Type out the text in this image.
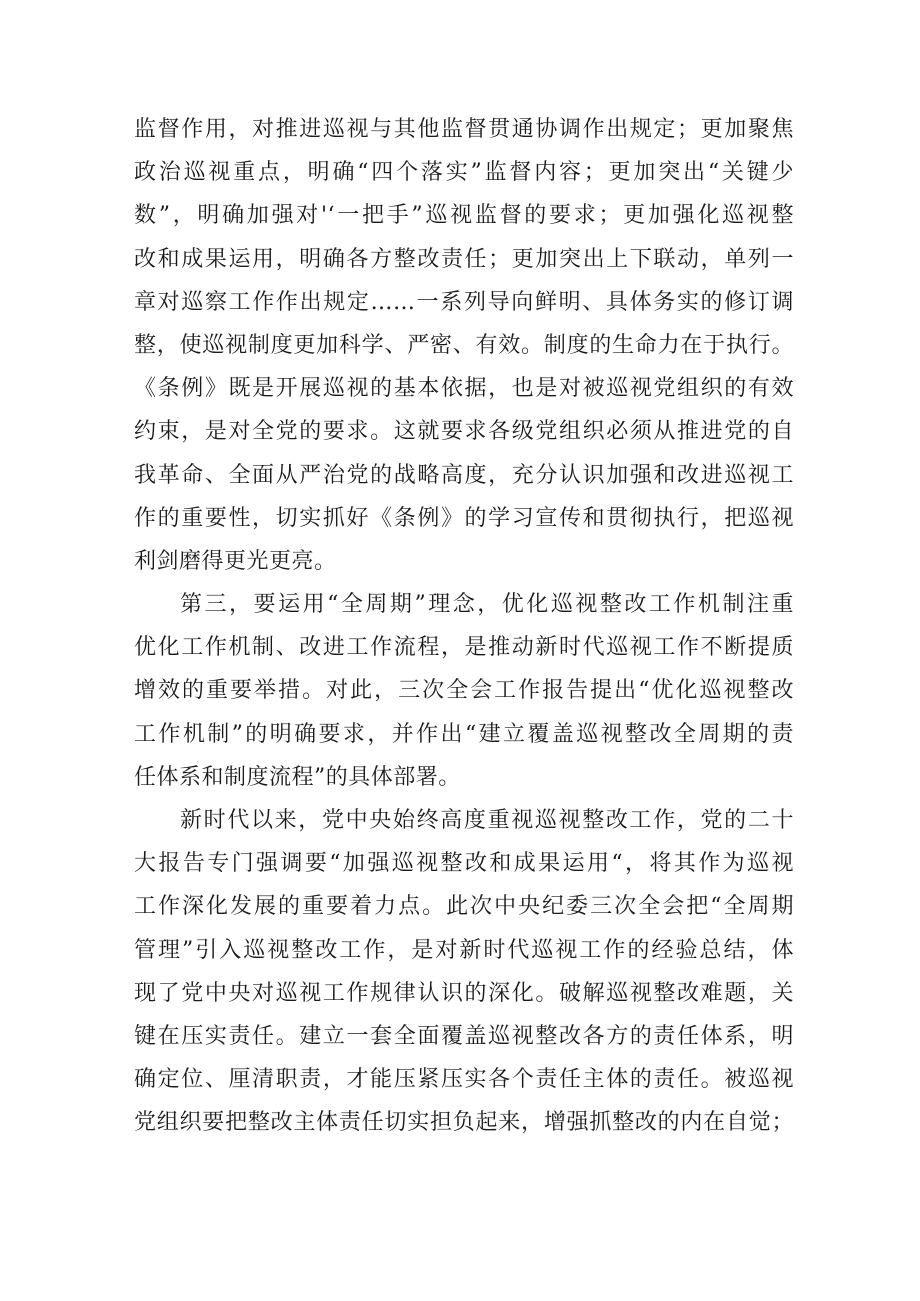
监督作用，对推进巡视与其他监督贯通协调作出规定；更加聚焦
政治巡视重点，明确“四个落实”监督内容；更加突出“关键少
数”，明确加强对'‘一把手”巡视监督的要求；更加强化巡视整
改和成果运用，明确各方整改责任；更加突出上下联动，单列一
章对巡察工作作出规定……一系列导向鲜明、具体务实的修订调
整，使巡视制度更加科学、严密、有效。制度的生命力在于执行。
《条例》既是开展巡视的基本依据，也是对被巡视党组织的有效
约束，是对全党的要求。这就要求各级党组织必须从推进党的自
我革命、全面从严治党的战略高度，充分认识加强和改进巡视工
作的重要性，切实抓好《条例》的学习宣传和贯彻执行，把巡视
利剑磨得更光更亮。
第三，要运用“全周期”理念，优化巡视整改工作机制注重
优化工作机制、改进工作流程，是推动新时代巡视工作不断提质
增效的重要举措。对此，三次全会工作报告提出“优化巡视整改
工作机制”的明确要求，并作出“建立覆盖巡视整改全周期的责
任体系和制度流程”的具体部署。
新时代以来，党中央始终高度重视巡视整改工作，党的二十
大报告专门强调要“加强巡视整改和成果运用“，将其作为巡视
工作深化发展的重要着力点。此次中央纪委三次全会把“全周期
管理”引入巡视整改工作，是对新时代巡视工作的经验总结，体
现了党中央对巡视工作规律认识的深化。破解巡视整改难题，关
键在压实责任。建立一套全面覆盖巡视整改各方的责任体系，明
确定位、厘清职责，才能压紧压实各个责任主体的责任。被巡视
党组织要把整改主体责任切实担负起来，增强抓整改的内在自觉；
